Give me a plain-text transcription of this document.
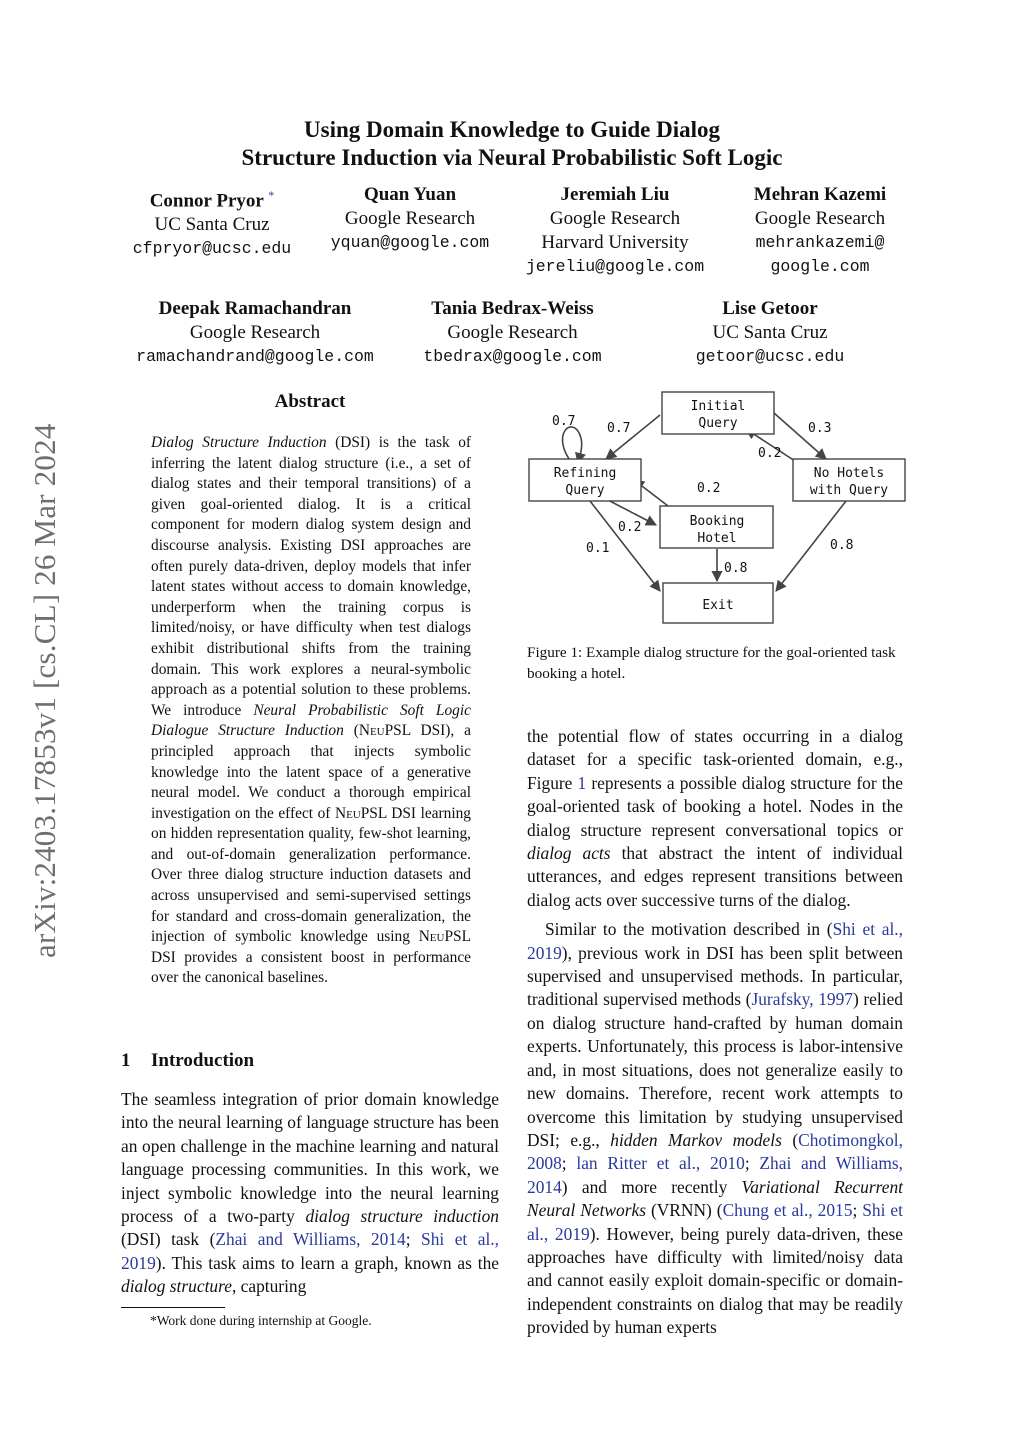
arXiv:2403.17853v1 [cs.CL] 26 Mar 2024
Using Domain Knowledge to Guide Dialog
Structure Induction via Neural Probabilistic Soft Logic
Connor Pryor *
UC Santa Cruz
cfpryor@ucsc.edu
Quan Yuan
Google Research
yquan@google.com
Jeremiah Liu
Google Research
Harvard University
jereliu@google.com
Mehran Kazemi
Google Research
mehrankazemi@
google.com
Deepak Ramachandran
Google Research
ramachandrand@google.com
Tania Bedrax-Weiss
Google Research
tbedrax@google.com
Lise Getoor
UC Santa Cruz
getoor@ucsc.edu
Abstract
Dialog Structure Induction (DSI) is the task of inferring the latent dialog structure (i.e., a set of dialog states and their temporal transitions) of a given goal-oriented dialog. It is a critical component for modern dialog system design and discourse analysis. Existing DSI approaches are often purely data-driven, deploy models that infer latent states without access to domain knowledge, underperform when the training corpus is limited/noisy, or have difficulty when test dialogs exhibit distributional shifts from the training domain. This work explores a neural-symbolic approach as a potential solution to these problems. We introduce Neural Probabilistic Soft Logic Dialogue Structure Induction (NeuPSL DSI), a principled approach that injects symbolic knowledge into the latent space of a generative neural model. We conduct a thorough empirical investigation on the effect of NeuPSL DSI learning on hidden representation quality, few-shot learning, and out-of-domain generalization performance. Over three dialog structure induction datasets and across unsupervised and semi-supervised settings for standard and cross-domain generalization, the injection of symbolic knowledge using NeuPSL DSI provides a consistent boost in performance over the canonical baselines.
1 Introduction
The seamless integration of prior domain knowledge into the neural learning of language structure has been an open challenge in the machine learning and natural language processing communities. In this work, we inject symbolic knowledge into the neural learning process of a two-party dialog structure induction (DSI) task (Zhai and Williams, 2014; Shi et al., 2019). This task aims to learn a graph, known as the dialog structure, capturing
*Work done during internship at Google.
Initial
Query
Refining
Query
No Hotels
with Query
Booking
Hotel
Exit
0.7 0.7	0.3
0.2
0.2
0.2
0.1
0.8
0.8
Figure 1: Example dialog structure for the goal-oriented task booking a hotel.

the potential flow of states occurring in a dialog dataset for a specific task-oriented domain, e.g., Figure 1 represents a possible dialog structure for the goal-oriented task of booking a hotel. Nodes in the dialog structure represent conversational topics or dialog acts that abstract the intent of individual utterances, and edges represent transitions between dialog acts over successive turns of the dialog.

Similar to the motivation described in (Shi et al., 2019), previous work in DSI has been split between supervised and unsupervised methods. In particular, traditional supervised methods (Jurafsky, 1997) relied on dialog structure hand-crafted by human domain experts. Unfortunately, this process is labor-intensive and, in most situations, does not generalize easily to new domains. Therefore, recent work attempts to overcome this limitation by studying unsupervised DSI; e.g., hidden Markov models (Chotimongkol, 2008; lan Ritter et al., 2010; Zhai and Williams, 2014) and more recently Variational Recurrent Neural Networks (VRNN) (Chung et al., 2015; Shi et al., 2019). However, being purely data-driven, these approaches have difficulty with limited/noisy data and cannot easily exploit domain-specific or domain-independent constraints on dialog that may be readily provided by human experts
